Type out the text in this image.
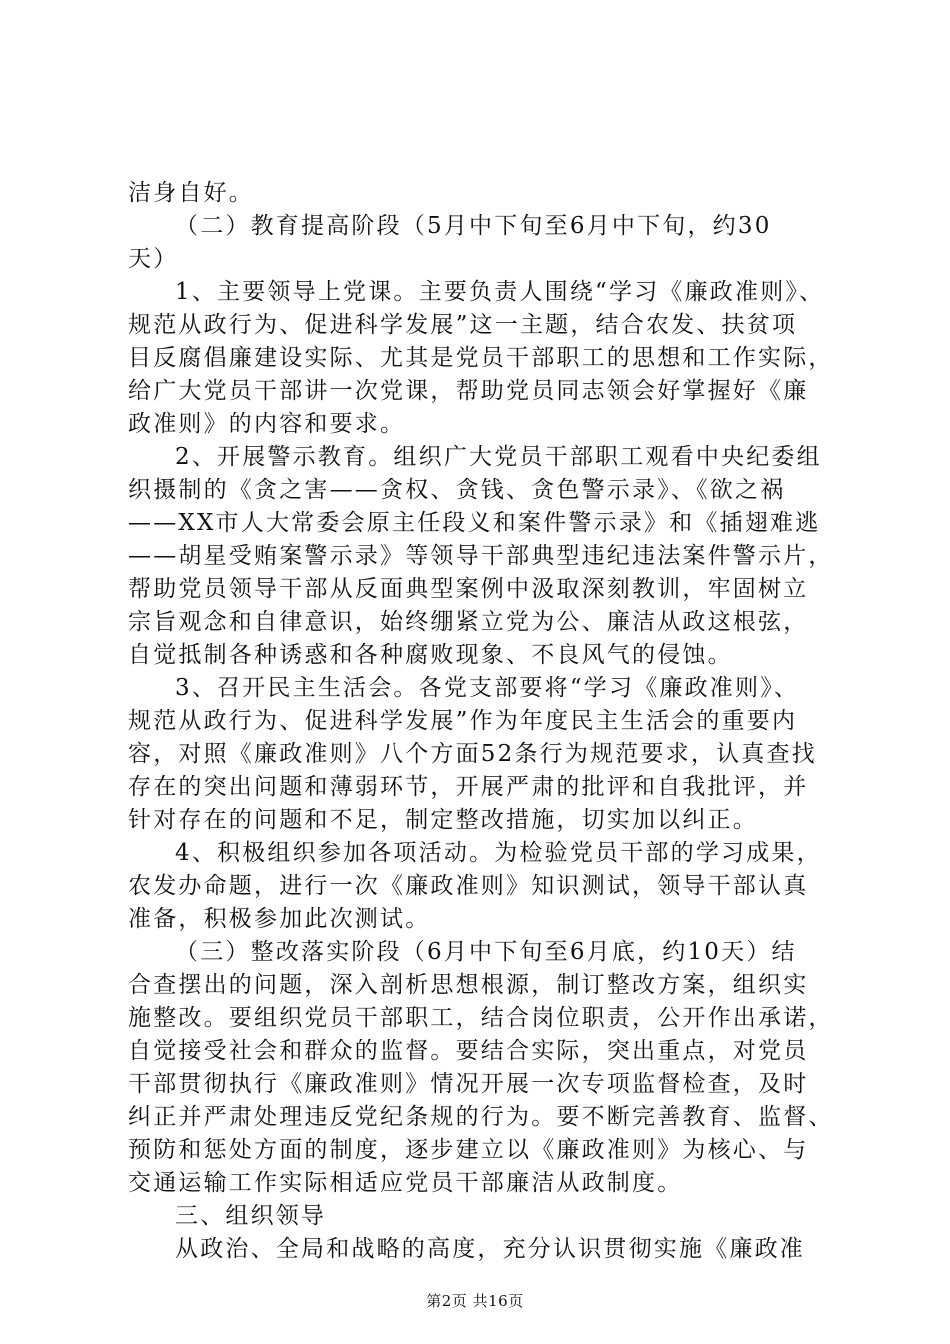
洁身自好。
（二）教育提高阶段（5月中下旬至6月中下旬，约30
天）
1、主要领导上党课。主要负责人围绕“学习《廉政准则》、
规范从政行为、促进科学发展”这一主题，结合农发、扶贫项
目反腐倡廉建设实际、尤其是党员干部职工的思想和工作实际，
给广大党员干部讲一次党课，帮助党员同志领会好掌握好《廉
政准则》的内容和要求。
2、开展警示教育。组织广大党员干部职工观看中央纪委组
织摄制的《贪之害——贪权、贪钱、贪色警示录》、《欲之祸
——XX市人大常委会原主任段义和案件警示录》和《插翅难逃
——胡星受贿案警示录》等领导干部典型违纪违法案件警示片，
帮助党员领导干部从反面典型案例中汲取深刻教训，牢固树立
宗旨观念和自律意识，始终绷紧立党为公、廉洁从政这根弦，
自觉抵制各种诱惑和各种腐败现象、不良风气的侵蚀。
3、召开民主生活会。各党支部要将“学习《廉政准则》、
规范从政行为、促进科学发展”作为年度民主生活会的重要内
容，对照《廉政准则》八个方面52条行为规范要求，认真查找
存在的突出问题和薄弱环节，开展严肃的批评和自我批评，并
针对存在的问题和不足，制定整改措施，切实加以纠正。
4、积极组织参加各项活动。为检验党员干部的学习成果，
农发办命题，进行一次《廉政准则》知识测试，领导干部认真
准备，积极参加此次测试。
（三）整改落实阶段（6月中下旬至6月底，约10天）结
合查摆出的问题，深入剖析思想根源，制订整改方案，组织实
施整改。要组织党员干部职工，结合岗位职责，公开作出承诺，
自觉接受社会和群众的监督。要结合实际，突出重点，对党员
干部贯彻执行《廉政准则》情况开展一次专项监督检查，及时
纠正并严肃处理违反党纪条规的行为。要不断完善教育、监督、
预防和惩处方面的制度，逐步建立以《廉政准则》为核心、与
交通运输工作实际相适应党员干部廉洁从政制度。
三、组织领导
从政治、全局和战略的高度，充分认识贯彻实施《廉政准
第2页 共16页
